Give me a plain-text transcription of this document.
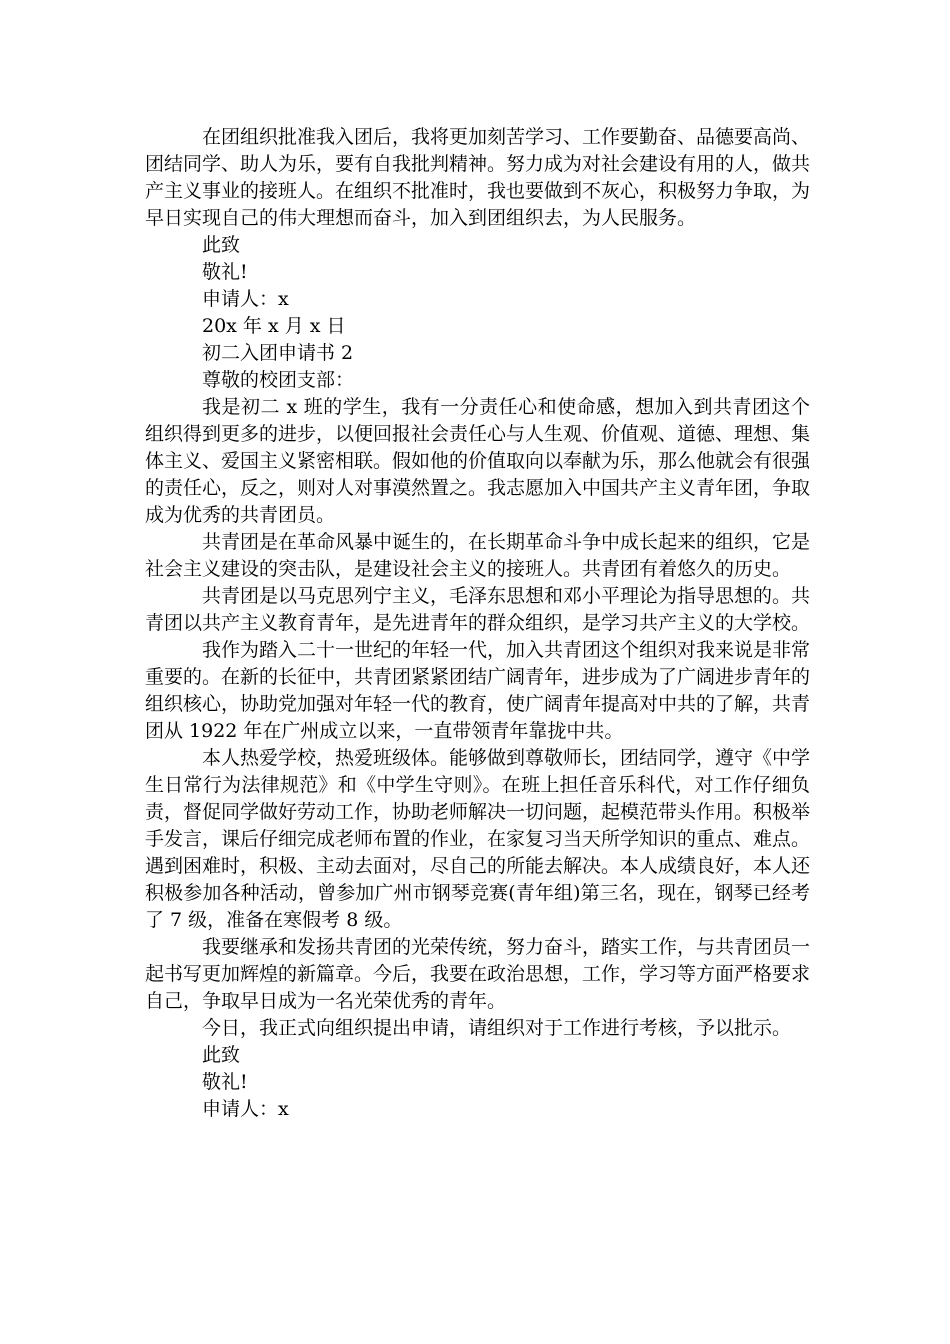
在团组织批准我入团后，我将更加刻苦学习、工作要勤奋、品德要高尚、团结同学、助人为乐，要有自我批判精神。努力成为对社会建设有用的人，做共产主义事业的接班人。在组织不批准时，我也要做到不灰心，积极努力争取，为早日实现自己的伟大理想而奋斗，加入到团组织去，为人民服务。

此致

敬礼!

申请人：x

20x 年 x 月 x 日

初二入团申请书 2

尊敬的校团支部：

我是初二 x 班的学生，我有一分责任心和使命感，想加入到共青团这个组织得到更多的进步，以便回报社会责任心与人生观、价值观、道德、理想、集体主义、爱国主义紧密相联。假如他的价值取向以奉献为乐，那么他就会有很强的责任心，反之，则对人对事漠然置之。我志愿加入中国共产主义青年团，争取成为优秀的共青团员。

共青团是在革命风暴中诞生的，在长期革命斗争中成长起来的组织，它是社会主义建设的突击队，是建设社会主义的接班人。共青团有着悠久的历史。

共青团是以马克思列宁主义，毛泽东思想和邓小平理论为指导思想的。共青团以共产主义教育青年，是先进青年的群众组织，是学习共产主义的大学校。

我作为踏入二十一世纪的年轻一代，加入共青团这个组织对我来说是非常重要的。在新的长征中，共青团紧紧团结广阔青年，进步成为了广阔进步青年的组织核心，协助党加强对年轻一代的教育，使广阔青年提高对中共的了解，共青团从 1922 年在广州成立以来，一直带领青年靠拢中共。

本人热爱学校，热爱班级体。能够做到尊敬师长，团结同学，遵守《中学生日常行为法律规范》和《中学生守则》。在班上担任音乐科代，对工作仔细负责，督促同学做好劳动工作，协助老师解决一切问题，起模范带头作用。积极举手发言，课后仔细完成老师布置的作业，在家复习当天所学知识的重点、难点。遇到困难时，积极、主动去面对，尽自己的所能去解决。本人成绩良好，本人还积极参加各种活动，曾参加广州市钢琴竞赛(青年组)第三名，现在，钢琴已经考了 7 级，准备在寒假考 8 级。

我要继承和发扬共青团的光荣传统，努力奋斗，踏实工作，与共青团员一起书写更加辉煌的新篇章。今后，我要在政治思想，工作，学习等方面严格要求自己，争取早日成为一名光荣优秀的青年。

今日，我正式向组织提出申请，请组织对于工作进行考核，予以批示。

此致

敬礼!

申请人：x
